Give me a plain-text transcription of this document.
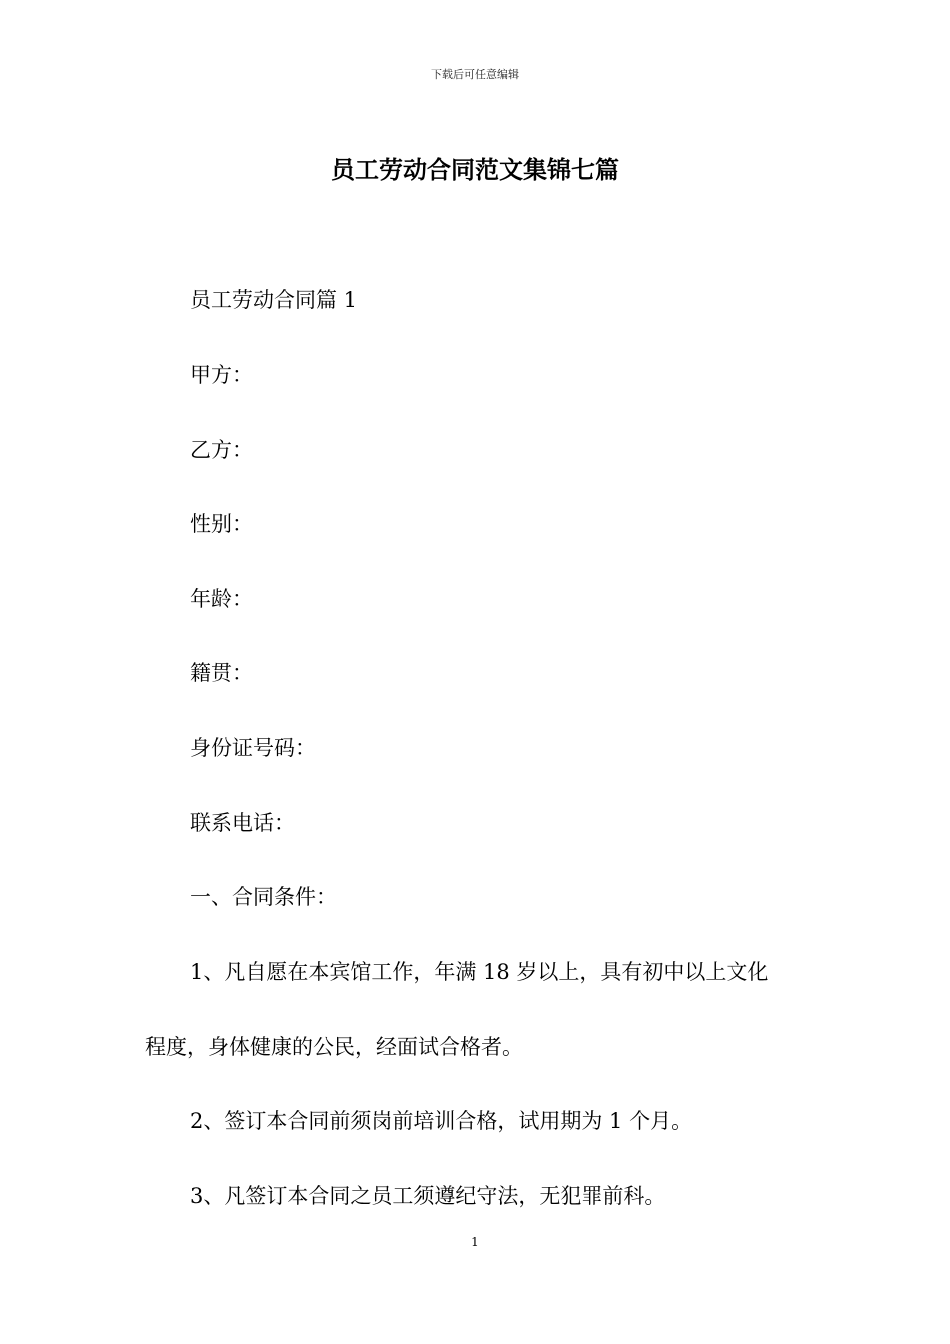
下载后可任意编辑
员工劳动合同范文集锦七篇

员工劳动合同篇 1

甲方：

乙方：

性别：

年龄：

籍贯：

身份证号码：

联系电话：

一、合同条件：

1、凡自愿在本宾馆工作，年满 18 岁以上，具有初中以上文化

程度，身体健康的公民，经面试合格者。

2、签订本合同前须岗前培训合格，试用期为 1 个月。

3、凡签订本合同之员工须遵纪守法，无犯罪前科。

1
